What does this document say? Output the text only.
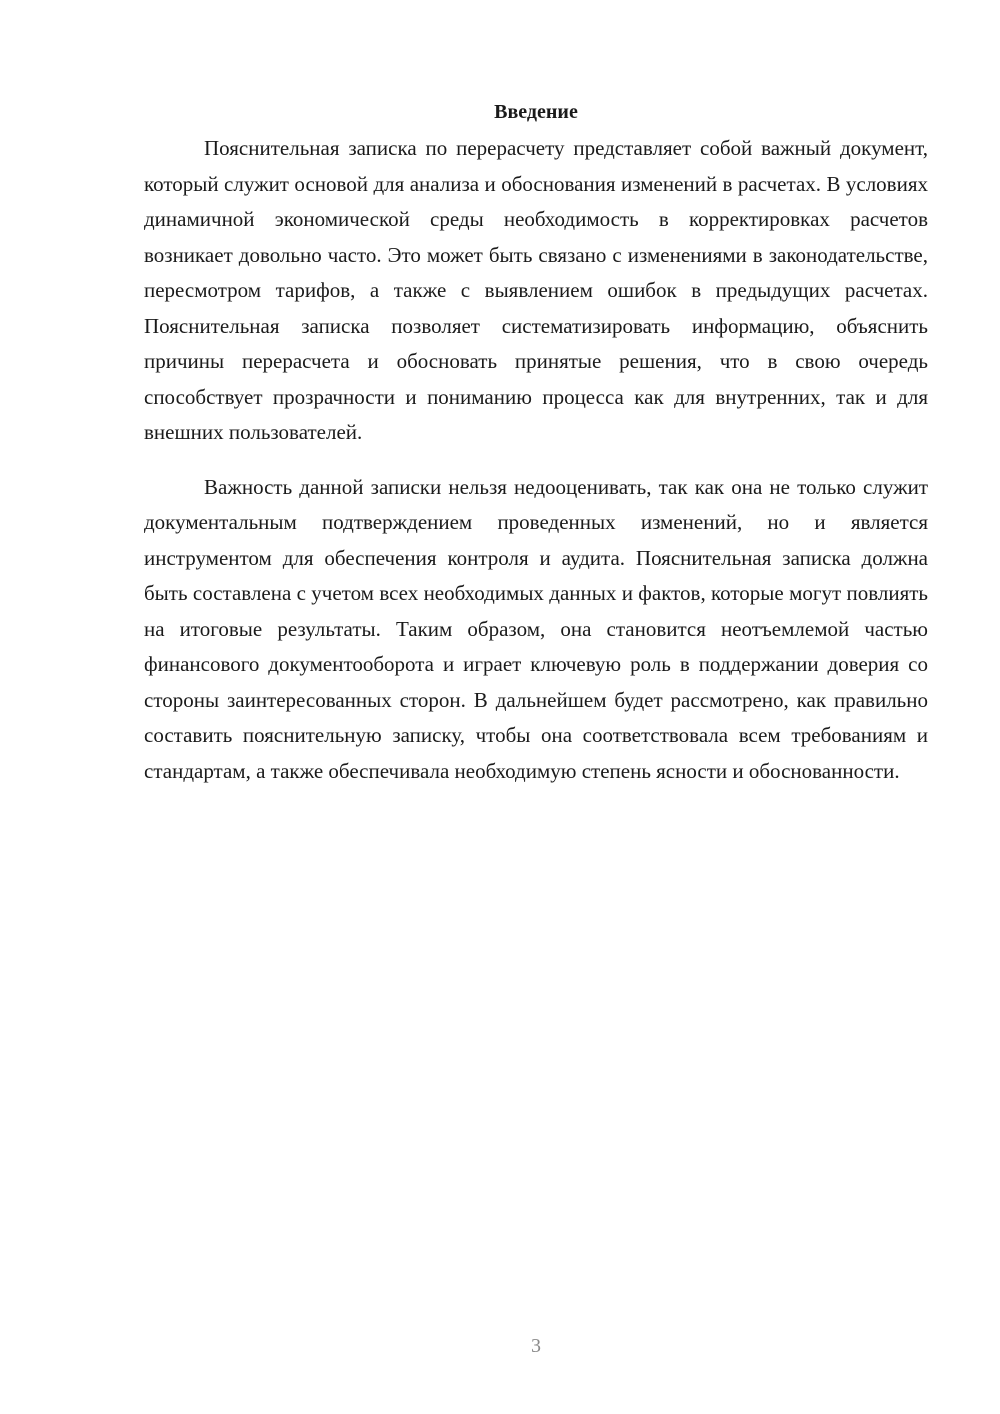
Введение

Пояснительная записка по перерасчету представляет собой важный документ, который служит основой для анализа и обоснования изменений в расчетах. В условиях динамичной экономической среды необходимость в корректировках расчетов возникает довольно часто. Это может быть связано с изменениями в законодательстве, пересмотром тарифов, а также с выявлением ошибок в предыдущих расчетах. Пояснительная записка позволяет систематизировать информацию, объяснить причины перерасчета и обосновать принятые решения, что в свою очередь способствует прозрачности и пониманию процесса как для внутренних, так и для внешних пользователей.

Важность данной записки нельзя недооценивать, так как она не только служит документальным подтверждением проведенных изменений, но и является инструментом для обеспечения контроля и аудита. Пояснительная записка должна быть составлена с учетом всех необходимых данных и фактов, которые могут повлиять на итоговые результаты. Таким образом, она становится неотъемлемой частью финансового документооборота и играет ключевую роль в поддержании доверия со стороны заинтересованных сторон. В дальнейшем будет рассмотрено, как правильно составить пояснительную записку, чтобы она соответствовала всем требованиям и стандартам, а также обеспечивала необходимую степень ясности и обоснованности.

3
